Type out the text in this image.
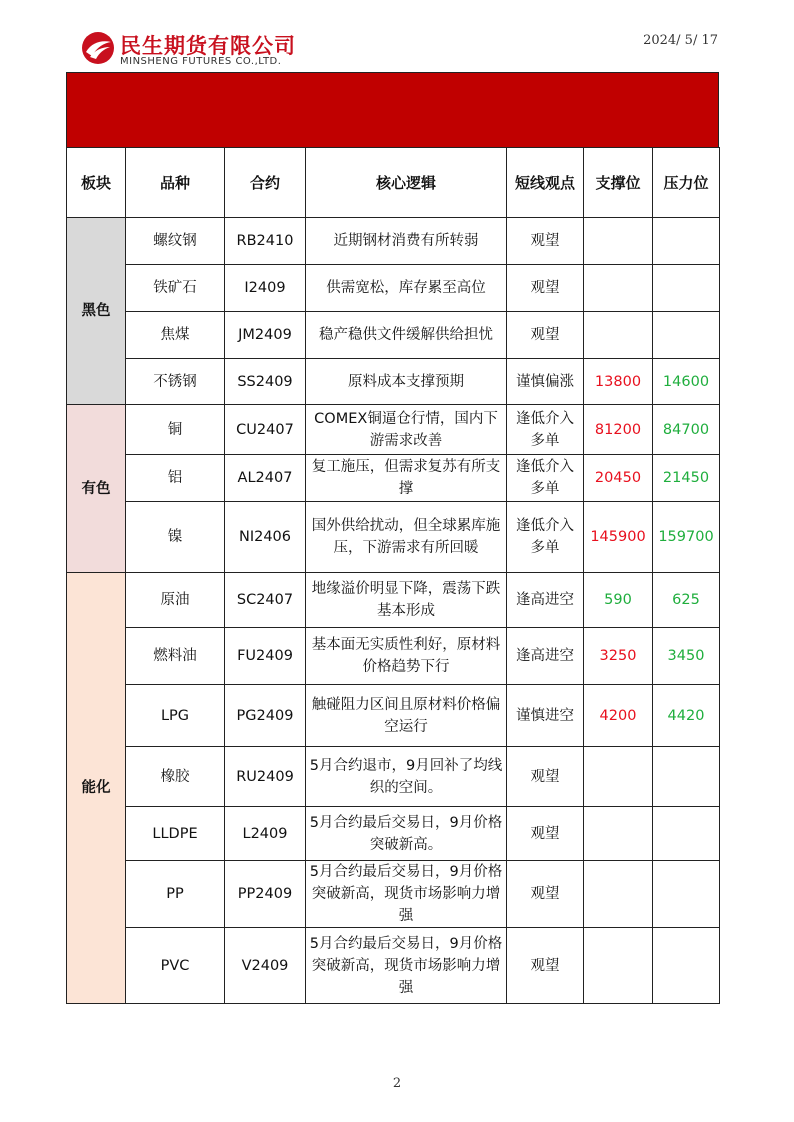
民生期货有限公司
MINSHENG FUTURES CO.,LTD.
2024/ 5/ 17
板块	品种	合约	核心逻辑	短线观点	支撑位	压力位
黑色	螺纹钢	RB2410	近期钢材消费有所转弱	观望		
	铁矿石	I2409	供需宽松，库存累至高位	观望		
	焦煤	JM2409	稳产稳供文件缓解供给担忧	观望		
	不锈钢	SS2409	原料成本支撑预期	谨慎偏涨	13800	14600
有色	铜	CU2407	COMEX铜逼仓行情，国内下游需求改善	逢低介入多单	81200	84700
	铝	AL2407	复工施压，但需求复苏有所支撑	逢低介入多单	20450	21450
	镍	NI2406	国外供给扰动，但全球累库施压，下游需求有所回暖	逢低介入多单	145900	159700
能化	原油	SC2407	地缘溢价明显下降，震荡下跌基本形成	逢高进空	590	625
	燃料油	FU2409	基本面无实质性利好，原材料价格趋势下行	逢高进空	3250	3450
	LPG	PG2409	触碰阻力区间且原材料价格偏空运行	谨慎进空	4200	4420
	橡胶	RU2409	5月合约退市，9月回补了均线织的空间。	观望		
	LLDPE	L2409	5月合约最后交易日，9月价格突破新高。	观望		
	PP	PP2409	5月合约最后交易日，9月价格突破新高，现货市场影响力增强	观望		
	PVC	V2409	5月合约最后交易日，9月价格突破新高，现货市场影响力增强	观望		
2
